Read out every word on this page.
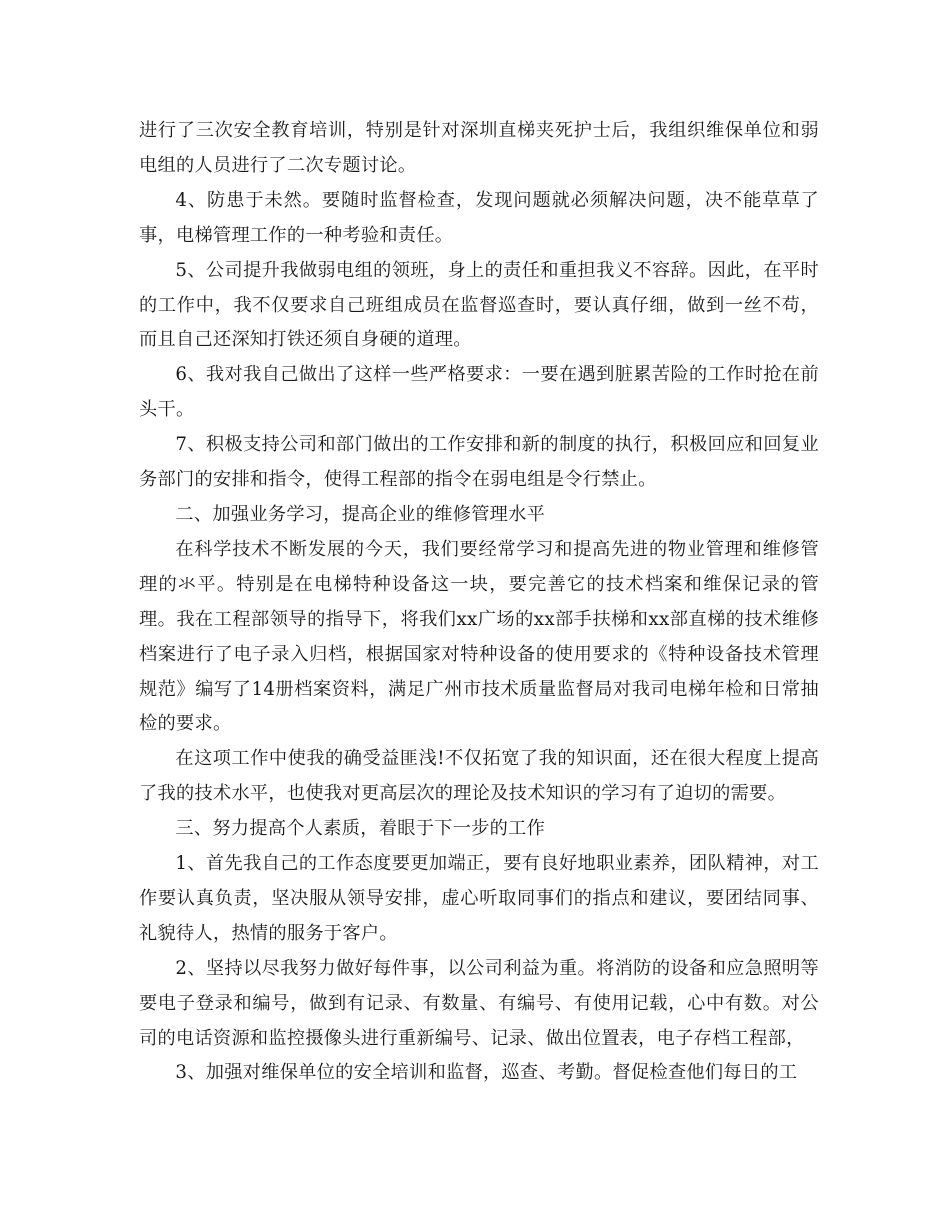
进行了三次安全教育培训，特别是针对深圳直梯夹死护士后，我组织维保单位和弱电组的人员进行了二次专题讨论。

4、防患于未然。要随时监督检查，发现问题就必须解决问题，决不能草草了事，电梯管理工作的一种考验和责任。

5、公司提升我做弱电组的领班，身上的责任和重担我义不容辞。因此，在平时的工作中，我不仅要求自己班组成员在监督巡查时，要认真仔细，做到一丝不苟，而且自己还深知打铁还须自身硬的道理。

6、我对我自己做出了这样一些严格要求：一要在遇到脏累苦险的工作时抢在前头干。

7、积极支持公司和部门做出的工作安排和新的制度的执行，积极回应和回复业务部门的安排和指令，使得工程部的指令在弱电组是令行禁止。

二、加强业务学习，提高企业的维修管理水平

在科学技术不断发展的今天，我们要经常学习和提高先进的物业管理和维修管理的氺平。特别是在电梯特种设备这一块，要完善它的技术档案和维保记录的管理。我在工程部领导的指导下，将我们xx广场的xx部手扶梯和xx部直梯的技术维修档案进行了电子录入归档，根据国家对特种设备的使用要求的《特种设备技术管理规范》编写了14册档案资料，满足广州市技术质量监督局对我司电梯年检和日常抽检的要求。

在这项工作中使我的确受益匪浅!不仅拓宽了我的知识面，还在很大程度上提高了我的技术水平，也使我对更高层次的理论及技术知识的学习有了迫切的需要。

三、努力提高个人素质，着眼于下一步的工作

1、首先我自己的工作态度要更加端正，要有良好地职业素养，团队精神，对工作要认真负责，坚决服从领导安排，虚心听取同事们的指点和建议，要团结同事、礼貌待人，热情的服务于客户。

2、坚持以尽我努力做好每件事，以公司利益为重。将消防的设备和应急照明等要电子登录和编号，做到有记录、有数量、有编号、有使用记载，心中有数。对公司的电话资源和监控摄像头进行重新编号、记录、做出位置表，电子存档工程部，

3、加强对维保单位的安全培训和监督，巡查、考勤。督促检查他们每日的工
